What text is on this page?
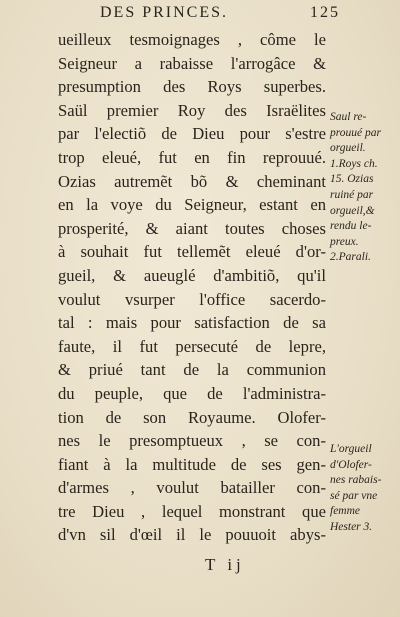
DES PRINCES.	125
ueilleux tesmoignages , côme le
Seigneur a rabaisse l'arrogâce &
presumption des Roys superbes.
Saül premier Roy des Israëlites
par l'electiõ de Dieu pour s'estre
trop eleué, fut en fin reprouué.
Ozias autremẽt bõ & cheminant
en la voye du Seigneur, estant en
prosperité, & aiant toutes choses
à souhait fut tellemẽt eleué d'or-
gueil, & aueuglé d'ambitiõ, qu'il
voulut vsurper l'office sacerdo-
tal : mais pour satisfaction de sa
faute, il fut persecuté de lepre,
& priué tant de la communion
du peuple, que de l'administra-
tion de son Royaume. Olofer-
nes le presomptueux , se con-
fiant à la multitude de ses gen-
d'armes , voulut batailler con-
tre Dieu , lequel monstrant que
d'vn sil d'œil il le pouuoit abys-
Saul re-
prouué par
orgueil.
1.Roys ch.
15. Ozias
ruiné par
orgueil,&
rendu le-
preux.
2.Parali.
L'orgueil
d'Olofer-
nes rabais-
sé par vne
femme
Hester 3.
T ij
